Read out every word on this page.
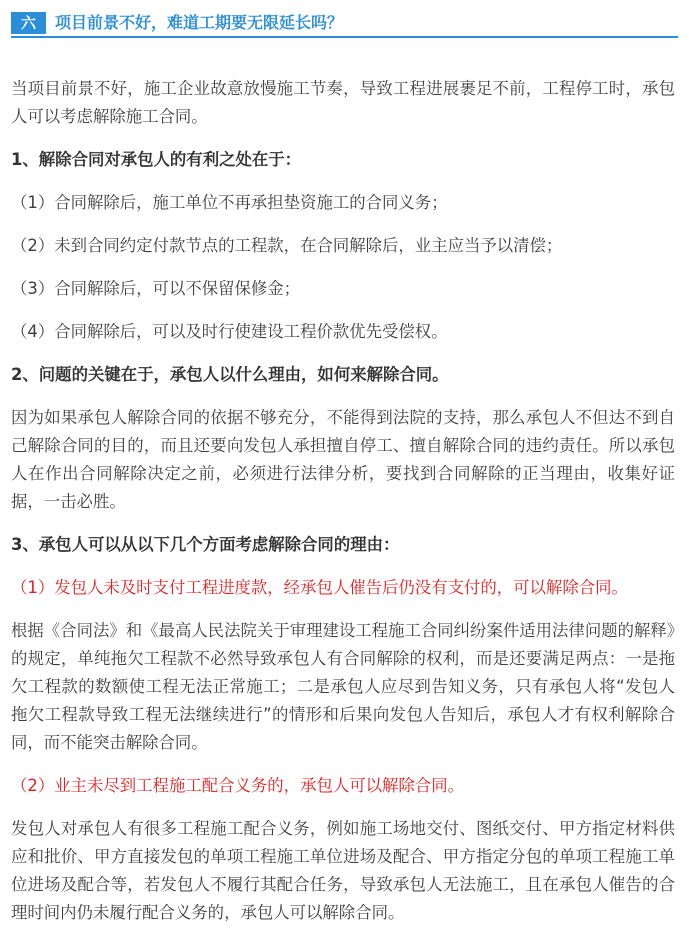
六	项目前景不好，难道工期要无限延长吗？

当项目前景不好，施工企业故意放慢施工节奏，导致工程进展裹足不前，工程停工时，承包人可以考虑解除施工合同。

1、解除合同对承包人的有利之处在于：

（1）合同解除后，施工单位不再承担垫资施工的合同义务；

（2）未到合同约定付款节点的工程款，在合同解除后，业主应当予以清偿；

（3）合同解除后，可以不保留保修金；

（4）合同解除后，可以及时行使建设工程价款优先受偿权。

2、问题的关键在于，承包人以什么理由，如何来解除合同。

因为如果承包人解除合同的依据不够充分，不能得到法院的支持，那么承包人不但达不到自己解除合同的目的，而且还要向发包人承担擅自停工、擅自解除合同的违约责任。所以承包人在作出合同解除决定之前，必须进行法律分析，要找到合同解除的正当理由，收集好证据，一击必胜。

3、承包人可以从以下几个方面考虑解除合同的理由：

（1）发包人未及时支付工程进度款，经承包人催告后仍没有支付的，可以解除合同。

根据《合同法》和《最高人民法院关于审理建设工程施工合同纠纷案件适用法律问题的解释》的规定，单纯拖欠工程款不必然导致承包人有合同解除的权利，而是还要满足两点：一是拖欠工程款的数额使工程无法正常施工；二是承包人应尽到告知义务，只有承包人将“发包人拖欠工程款导致工程无法继续进行”的情形和后果向发包人告知后，承包人才有权利解除合同，而不能突击解除合同。

（2）业主未尽到工程施工配合义务的，承包人可以解除合同。

发包人对承包人有很多工程施工配合义务，例如施工场地交付、图纸交付、甲方指定材料供应和批价、甲方直接发包的单项工程施工单位进场及配合、甲方指定分包的单项工程施工单位进场及配合等，若发包人不履行其配合任务，导致承包人无法施工，且在承包人催告的合理时间内仍未履行配合义务的，承包人可以解除合同。
